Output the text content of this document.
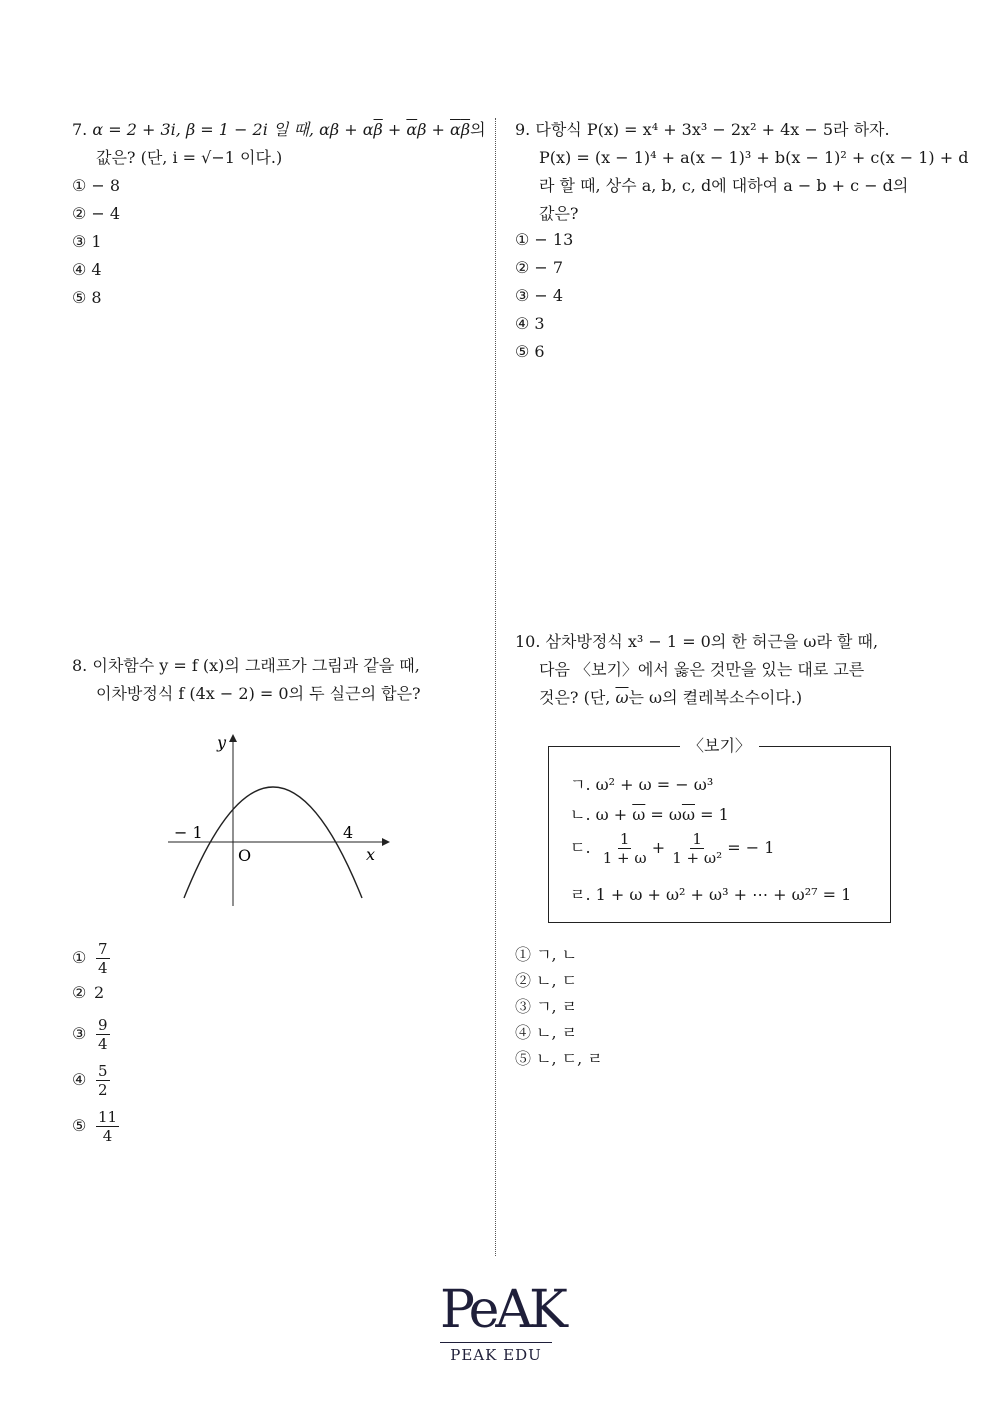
7. α = 2 + 3i, β = 1 − 2i 일 때, $\alpha\beta + \alpha\overline{\beta} + \overline{\alpha}\beta + \overline{\alpha}\overline{\beta}$의
값은? (단, i = √−1 이다.)
① − 8
② − 4
③ 1
④ 4
⑤ 8
9. 다항식 P(x) = x⁴ + 3x³ − 2x² + 4x − 5라 하자.
P(x) = (x − 1)⁴ + a(x − 1)³ + b(x − 1)² + c(x − 1) + d
라 할 때, 상수 a, b, c, d에 대하여 a − b + c − d의
값은?
① − 13
② − 7
③ − 4
④ 3
⑤ 6
8. 이차함수 y = f (x)의 그래프가 그림과 같을 때,
이차방정식 f (4x − 2) = 0의 두 실근의 합은?
y
x
O
− 1	4
① $\frac{7}{4}$
② 2
③ $\frac{9}{4}$
④ $\frac{5}{2}$
⑤ $\frac{11}{4}$
10. 삼차방정식 x³ − 1 = 0의 한 허근을 ω라 할 때,
다음 〈보기〉에서 옳은 것만을 있는 대로 고른
것은? (단, $\overline{\omega}$는 ω의 켤레복소수이다.)
〈보기〉
ㄱ. ω² + ω = − ω³
ㄴ. $\omega + \overline{\omega} = \omega\overline{\omega} = 1$
ㄷ. $\frac{1}{1 + \omega} + \frac{1}{\text{1 + ω²}}$ = − 1
ㄹ. 1 + ω + ω² + ω³ + ⋯ + ω²⁷ = 1
① ㄱ, ㄴ
② ㄴ, ㄷ
③ ㄱ, ㄹ
④ ㄴ, ㄹ
⑤ ㄴ, ㄷ, ㄹ
PeAK
PEAK EDU
